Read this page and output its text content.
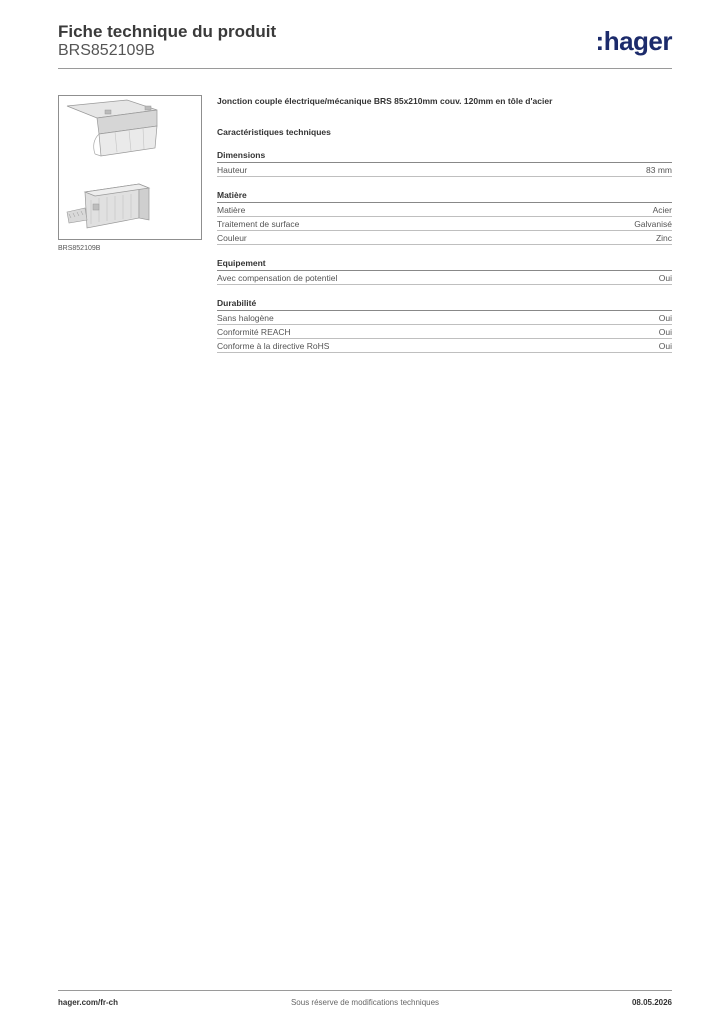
Fiche technique du produit
BRS852109B	:hager
BRS852109B
Jonction couple électrique/mécanique BRS 85x210mm couv. 120mm en tôle d'acier
Caractéristiques techniques
Dimensions
Hauteur	83 mm
Matière
Matière	Acier
Traitement de surface	Galvanisé
Couleur	Zinc
Equipement
Avec compensation de potentiel	Oui
Durabilité
Sans halogène	Oui
Conformité REACH	Oui
Conforme à la directive RoHS	Oui
Sous réserve de modifications techniques
hager.com/fr-ch	08.05.2026
